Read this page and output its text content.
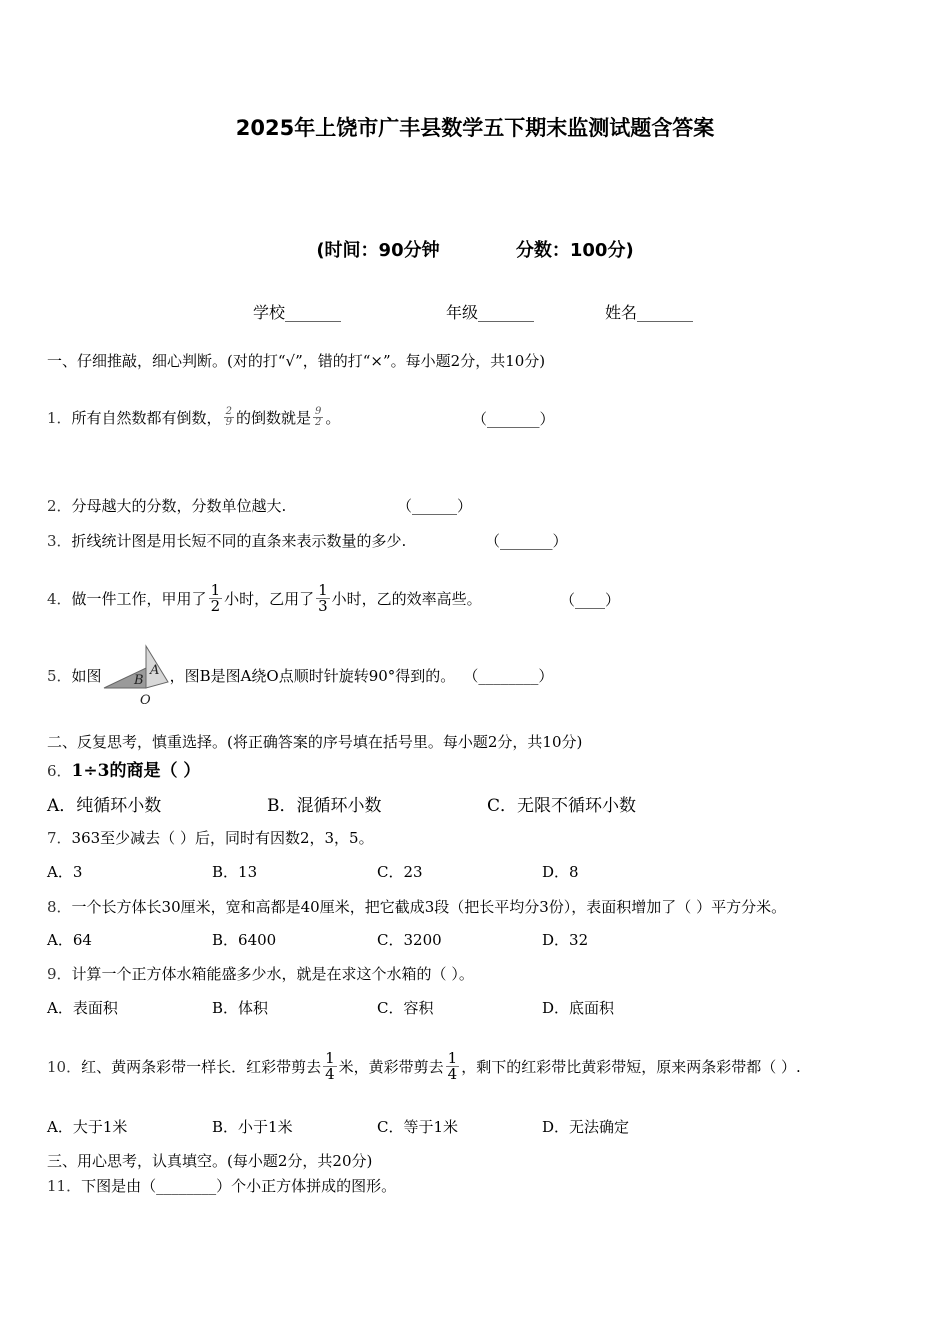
2025年上饶市广丰县数学五下期末监测试题含答案
(时间：90分钟	分数：100分)
学校_______	年级_______	姓名_______
一、仔细推敲，细心判断。(对的打“√”，错的打“×”。每小题2分，共10分)
1． 所有自然数都有倒数， $\frac{2}{9}$ 的倒数就是 $\frac{9}{2}$ 。	（_______）
2．分母越大的分数，分数单位越大.	（______）
3．折线统计图是用长短不同的直条来表示数量的多少.	（_______）
4． 做一件工作，甲用了 $\frac{1}{2}$ 小时，乙用了 $\frac{1}{3}$ 小时，乙的效率高些。	（____）
5． 如图 B
A
O
，图B是图A绕O点顺时针旋转90°得到的。 （________）
二、反复思考，慎重选择。(将正确答案的序号填在括号里。每小题2分，共10分)
6．1÷3的商是（ ）
A．纯循环小数	B．混循环小数	C．无限不循环小数
7．363至少减去（ ）后，同时有因数2，3，5。
A．3	B．13	C．23	D．8
8．一个长方体长30厘米，宽和高都是40厘米，把它截成3段（把长平均分3份），表面积增加了（ ）平方分米。
A．64	B．6400	C．3200	D．32
9．计算一个正方体水箱能盛多少水，就是在求这个水箱的（ ）。
A．表面积	B．体积	C．容积	D．底面积
10． 红、黄两条彩带一样长．红彩带剪去 $\frac{1}{4}$ 米，黄彩带剪去 $\frac{1}{4}$ ，剩下的红彩带比黄彩带短，原来两条彩带都（ ）.
A．大于1米	B．小于1米	C．等于1米	D．无法确定
三、用心思考，认真填空。(每小题2分，共20分)
11．下图是由（________）个小正方体拼成的图形。
